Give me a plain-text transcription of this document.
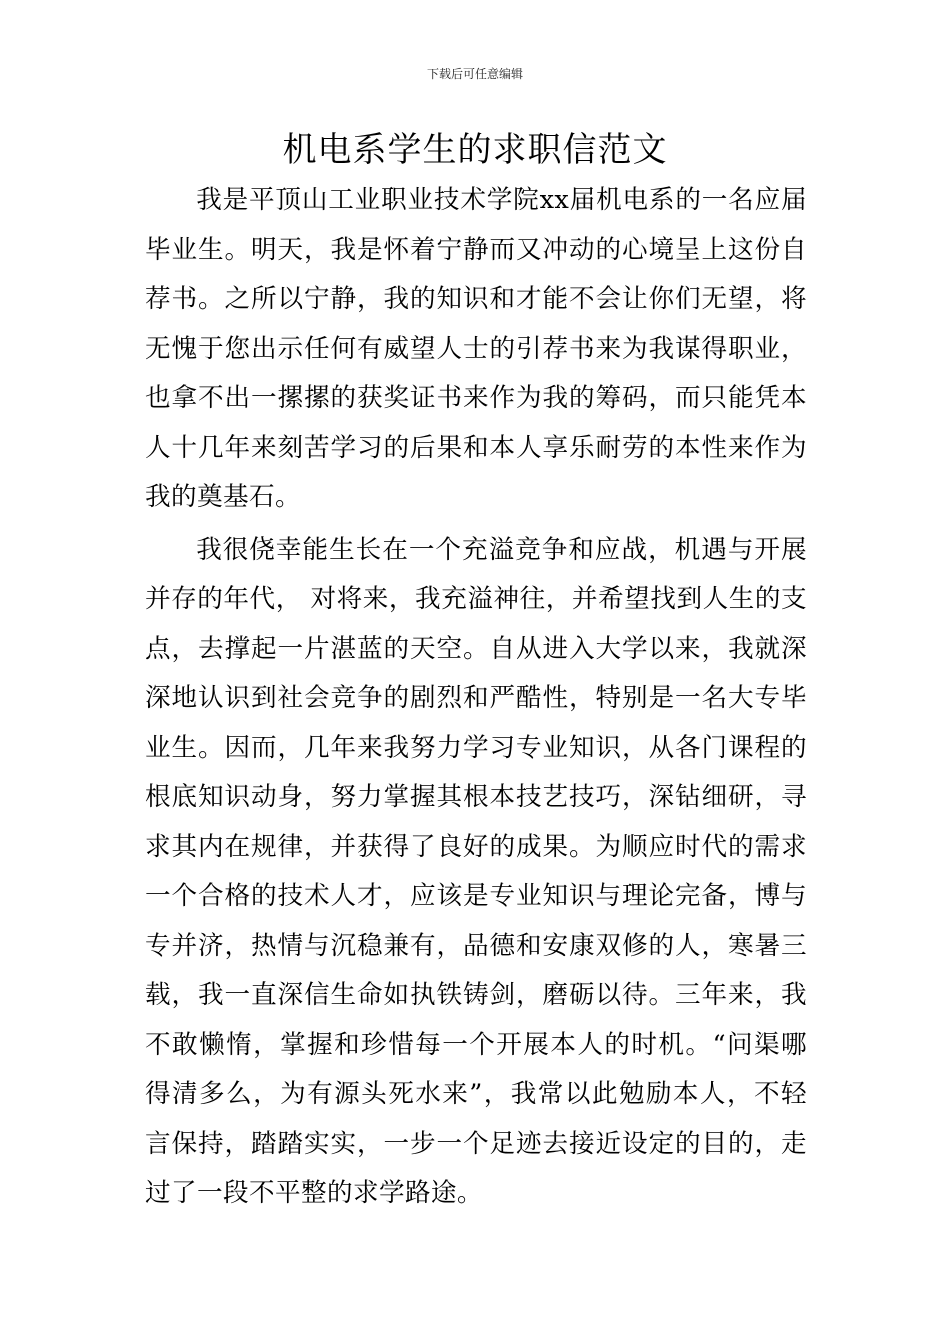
下载后可任意编辑
机电系学生的求职信范文

我是平顶山工业职业技术学院xx届机电系的一名应届毕业生。明天，我是怀着宁静而又冲动的心境呈上这份自荐书。之所以宁静，我的知识和才能不会让你们无望，将无愧于您出示任何有威望人士的引荐书来为我谋得职业，也拿不出一摞摞的获奖证书来作为我的筹码，而只能凭本人十几年来刻苦学习的后果和本人享乐耐劳的本性来作为我的奠基石。

我很侥幸能生长在一个充溢竞争和应战，机遇与开展并存的年代， 对将来，我充溢神往，并希望找到人生的支点，去撑起一片湛蓝的天空。自从进入大学以来，我就深深地认识到社会竞争的剧烈和严酷性，特别是一名大专毕业生。因而，几年来我努力学习专业知识，从各门课程的根底知识动身，努力掌握其根本技艺技巧，深钻细研，寻求其内在规律，并获得了良好的成果。为顺应时代的需求一个合格的技术人才，应该是专业知识与理论完备，博与专并济，热情与沉稳兼有，品德和安康双修的人，寒暑三载，我一直深信生命如执铁铸剑，磨砺以待。三年来，我不敢懒惰，掌握和珍惜每一个开展本人的时机。“问渠哪得清多么，为有源头死水来”，我常以此勉励本人，不轻言保持，踏踏实实，一步一个足迹去接近设定的目的，走过了一段不平整的求学路途。
